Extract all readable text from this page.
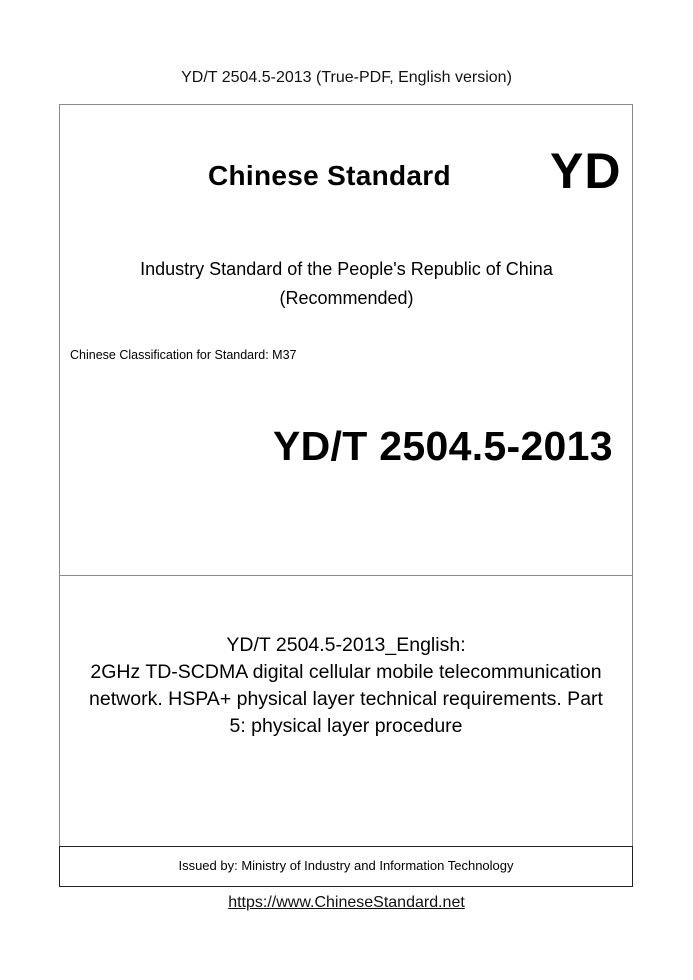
YD/T 2504.5-2013 (True-PDF, English version)
Chinese Standard YD
Industry Standard of the People's Republic of China
(Recommended)
Chinese Classification for Standard: M37
YD/T 2504.5-2013
YD/T 2504.5-2013_English:
2GHz TD-SCDMA digital cellular mobile telecommunication
network. HSPA+ physical layer technical requirements. Part
5: physical layer procedure
Issued by: Ministry of Industry and Information Technology
https://www.ChineseStandard.net
